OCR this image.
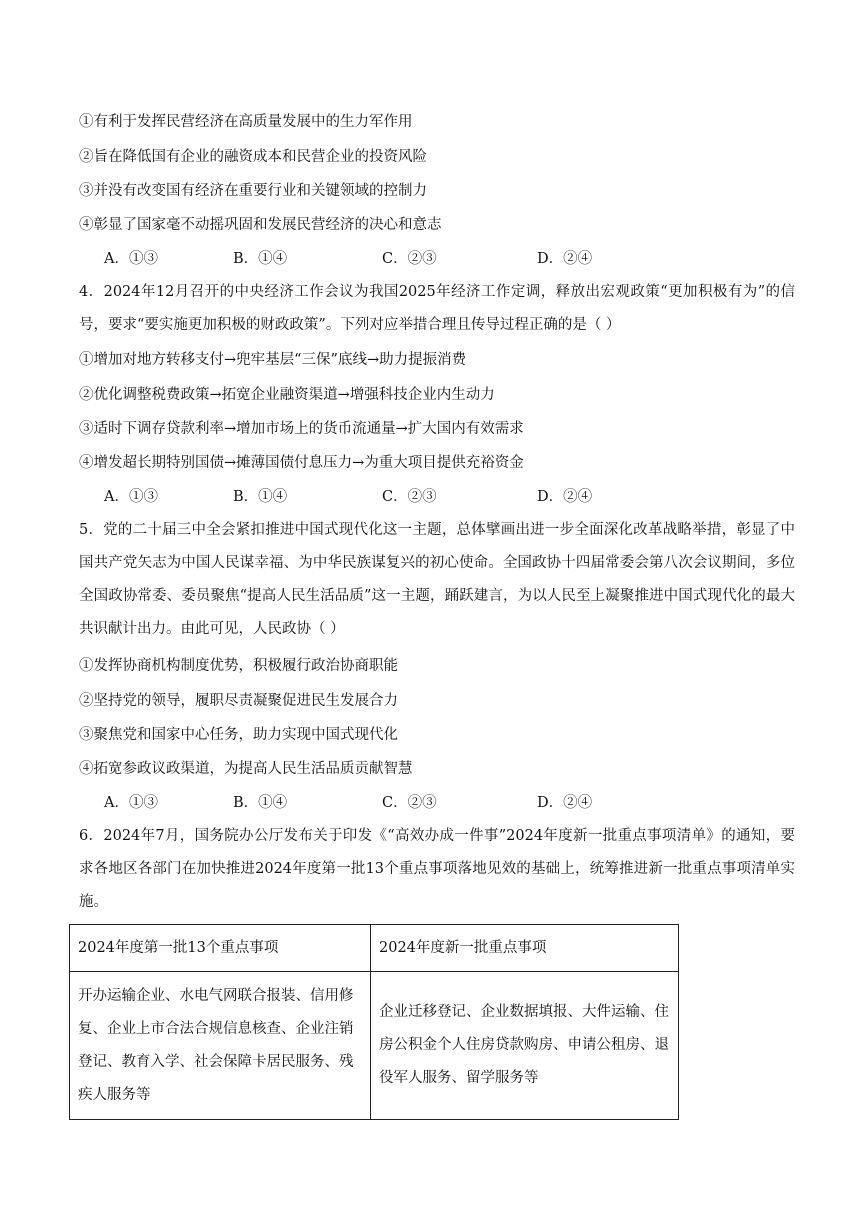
①有利于发挥民营经济在高质量发展中的生力军作用
②旨在降低国有企业的融资成本和民营企业的投资风险
③并没有改变国有经济在重要行业和关键领域的控制力
④彰显了国家毫不动摇巩固和发展民营经济的决心和意志
A．①③	B．①④	C．②③	D．②④
4．2024年12月召开的中央经济工作会议为我国2025年经济工作定调，释放出宏观政策“更加积极有为”的信号，要求“要实施更加积极的财政政策”。下列对应举措合理且传导过程正确的是（ ）
①增加对地方转移支付→兜牢基层“三保”底线→助力提振消费
②优化调整税费政策→拓宽企业融资渠道→增强科技企业内生动力
③适时下调存贷款利率→增加市场上的货币流通量→扩大国内有效需求
④增发超长期特别国债→摊薄国债付息压力→为重大项目提供充裕资金
A．①③	B．①④	C．②③	D．②④
5．党的二十届三中全会紧扣推进中国式现代化这一主题，总体擘画出进一步全面深化改革战略举措，彰显了中国共产党矢志为中国人民谋幸福、为中华民族谋复兴的初心使命。全国政协十四届常委会第八次会议期间，多位全国政协常委、委员聚焦“提高人民生活品质”这一主题，踊跃建言，为以人民至上凝聚推进中国式现代化的最大共识献计出力。由此可见，人民政协（ ）
①发挥协商机构制度优势，积极履行政治协商职能
②坚持党的领导，履职尽责凝聚促进民生发展合力
③聚焦党和国家中心任务，助力实现中国式现代化
④拓宽参政议政渠道，为提高人民生活品质贡献智慧
A．①③	B．①④	C．②③	D．②④
6．2024年7月，国务院办公厅发布关于印发《“高效办成一件事”2024年度新一批重点事项清单》的通知，要求各地区各部门在加快推进2024年度第一批13个重点事项落地见效的基础上，统筹推进新一批重点事项清单实施。
2024年度第一批13个重点事项	2024年度新一批重点事项
开办运输企业、水电气网联合报装、信用修复、企业上市合法合规信息核查、企业注销登记、教育入学、社会保障卡居民服务、残疾人服务等	企业迁移登记、企业数据填报、大件运输、住房公积金个人住房贷款购房、申请公租房、退役军人服务、留学服务等
